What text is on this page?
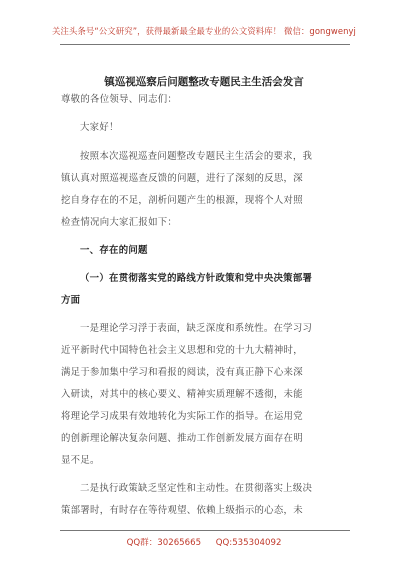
关注头条号“公文研究”，获得最新最全最专业的公文资料库！ 微信：gongwenyj
镇巡视巡察后问题整改专题民主生活会发言
尊敬的各位领导、同志们：
大家好！
按照本次巡视巡查问题整改专题民主生活会的要求，我
镇认真对照巡视巡查反馈的问题，进行了深刻的反思，深
挖自身存在的不足，剖析问题产生的根源，现将个人对照
检查情况向大家汇报如下：
一、存在的问题
（一）在贯彻落实党的路线方针政策和党中央决策部署
方面
一是理论学习浮于表面，缺乏深度和系统性。在学习习
近平新时代中国特色社会主义思想和党的十九大精神时，
满足于参加集中学习和看报的阅读，没有真正静下心来深
入研读，对其中的核心要义、精神实质理解不透彻，未能
将理论学习成果有效地转化为实际工作的指导。在运用党
的创新理论解决复杂问题、推动工作创新发展方面存在明
显不足。
二是执行政策缺乏坚定性和主动性。在贯彻落实上级决
策部署时，有时存在等待观望、依赖上级指示的心态，未
QQ群：30265665 QQ:535304092
